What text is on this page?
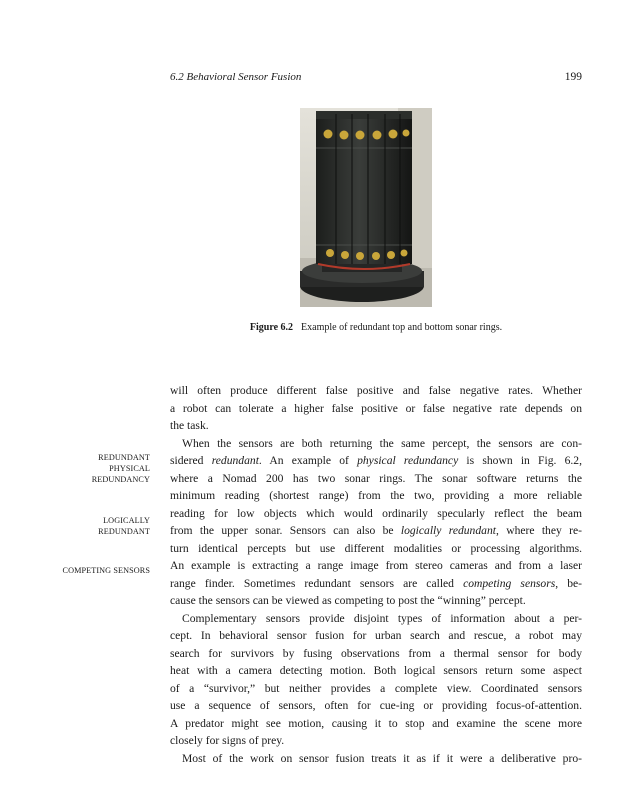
6.2 Behavioral Sensor Fusion	199
Figure 6.2 Example of redundant top and bottom sonar rings.
REDUNDANT
PHYSICAL
REDUNDANCY
LOGICALLY
REDUNDANT
COMPETING SENSORS
will often produce different false positive and false negative rates. Whether
a robot can tolerate a higher false positive or false negative rate depends on
the task.
When the sensors are both returning the same percept, the sensors are con-
sidered redundant. An example of physical redundancy is shown in Fig. 6.2,
where a Nomad 200 has two sonar rings. The sonar software returns the
minimum reading (shortest range) from the two, providing a more reliable
reading for low objects which would ordinarily specularly reflect the beam
from the upper sonar. Sensors can also be logically redundant, where they re-
turn identical percepts but use different modalities or processing algorithms.
An example is extracting a range image from stereo cameras and from a laser
range finder. Sometimes redundant sensors are called competing sensors, be-
cause the sensors can be viewed as competing to post the “winning” percept.
Complementary sensors provide disjoint types of information about a per-
cept. In behavioral sensor fusion for urban search and rescue, a robot may
search for survivors by fusing observations from a thermal sensor for body
heat with a camera detecting motion. Both logical sensors return some aspect
of a “survivor,” but neither provides a complete view. Coordinated sensors
use a sequence of sensors, often for cue-ing or providing focus-of-attention.
A predator might see motion, causing it to stop and examine the scene more
closely for signs of prey.
Most of the work on sensor fusion treats it as if it were a deliberative pro-
